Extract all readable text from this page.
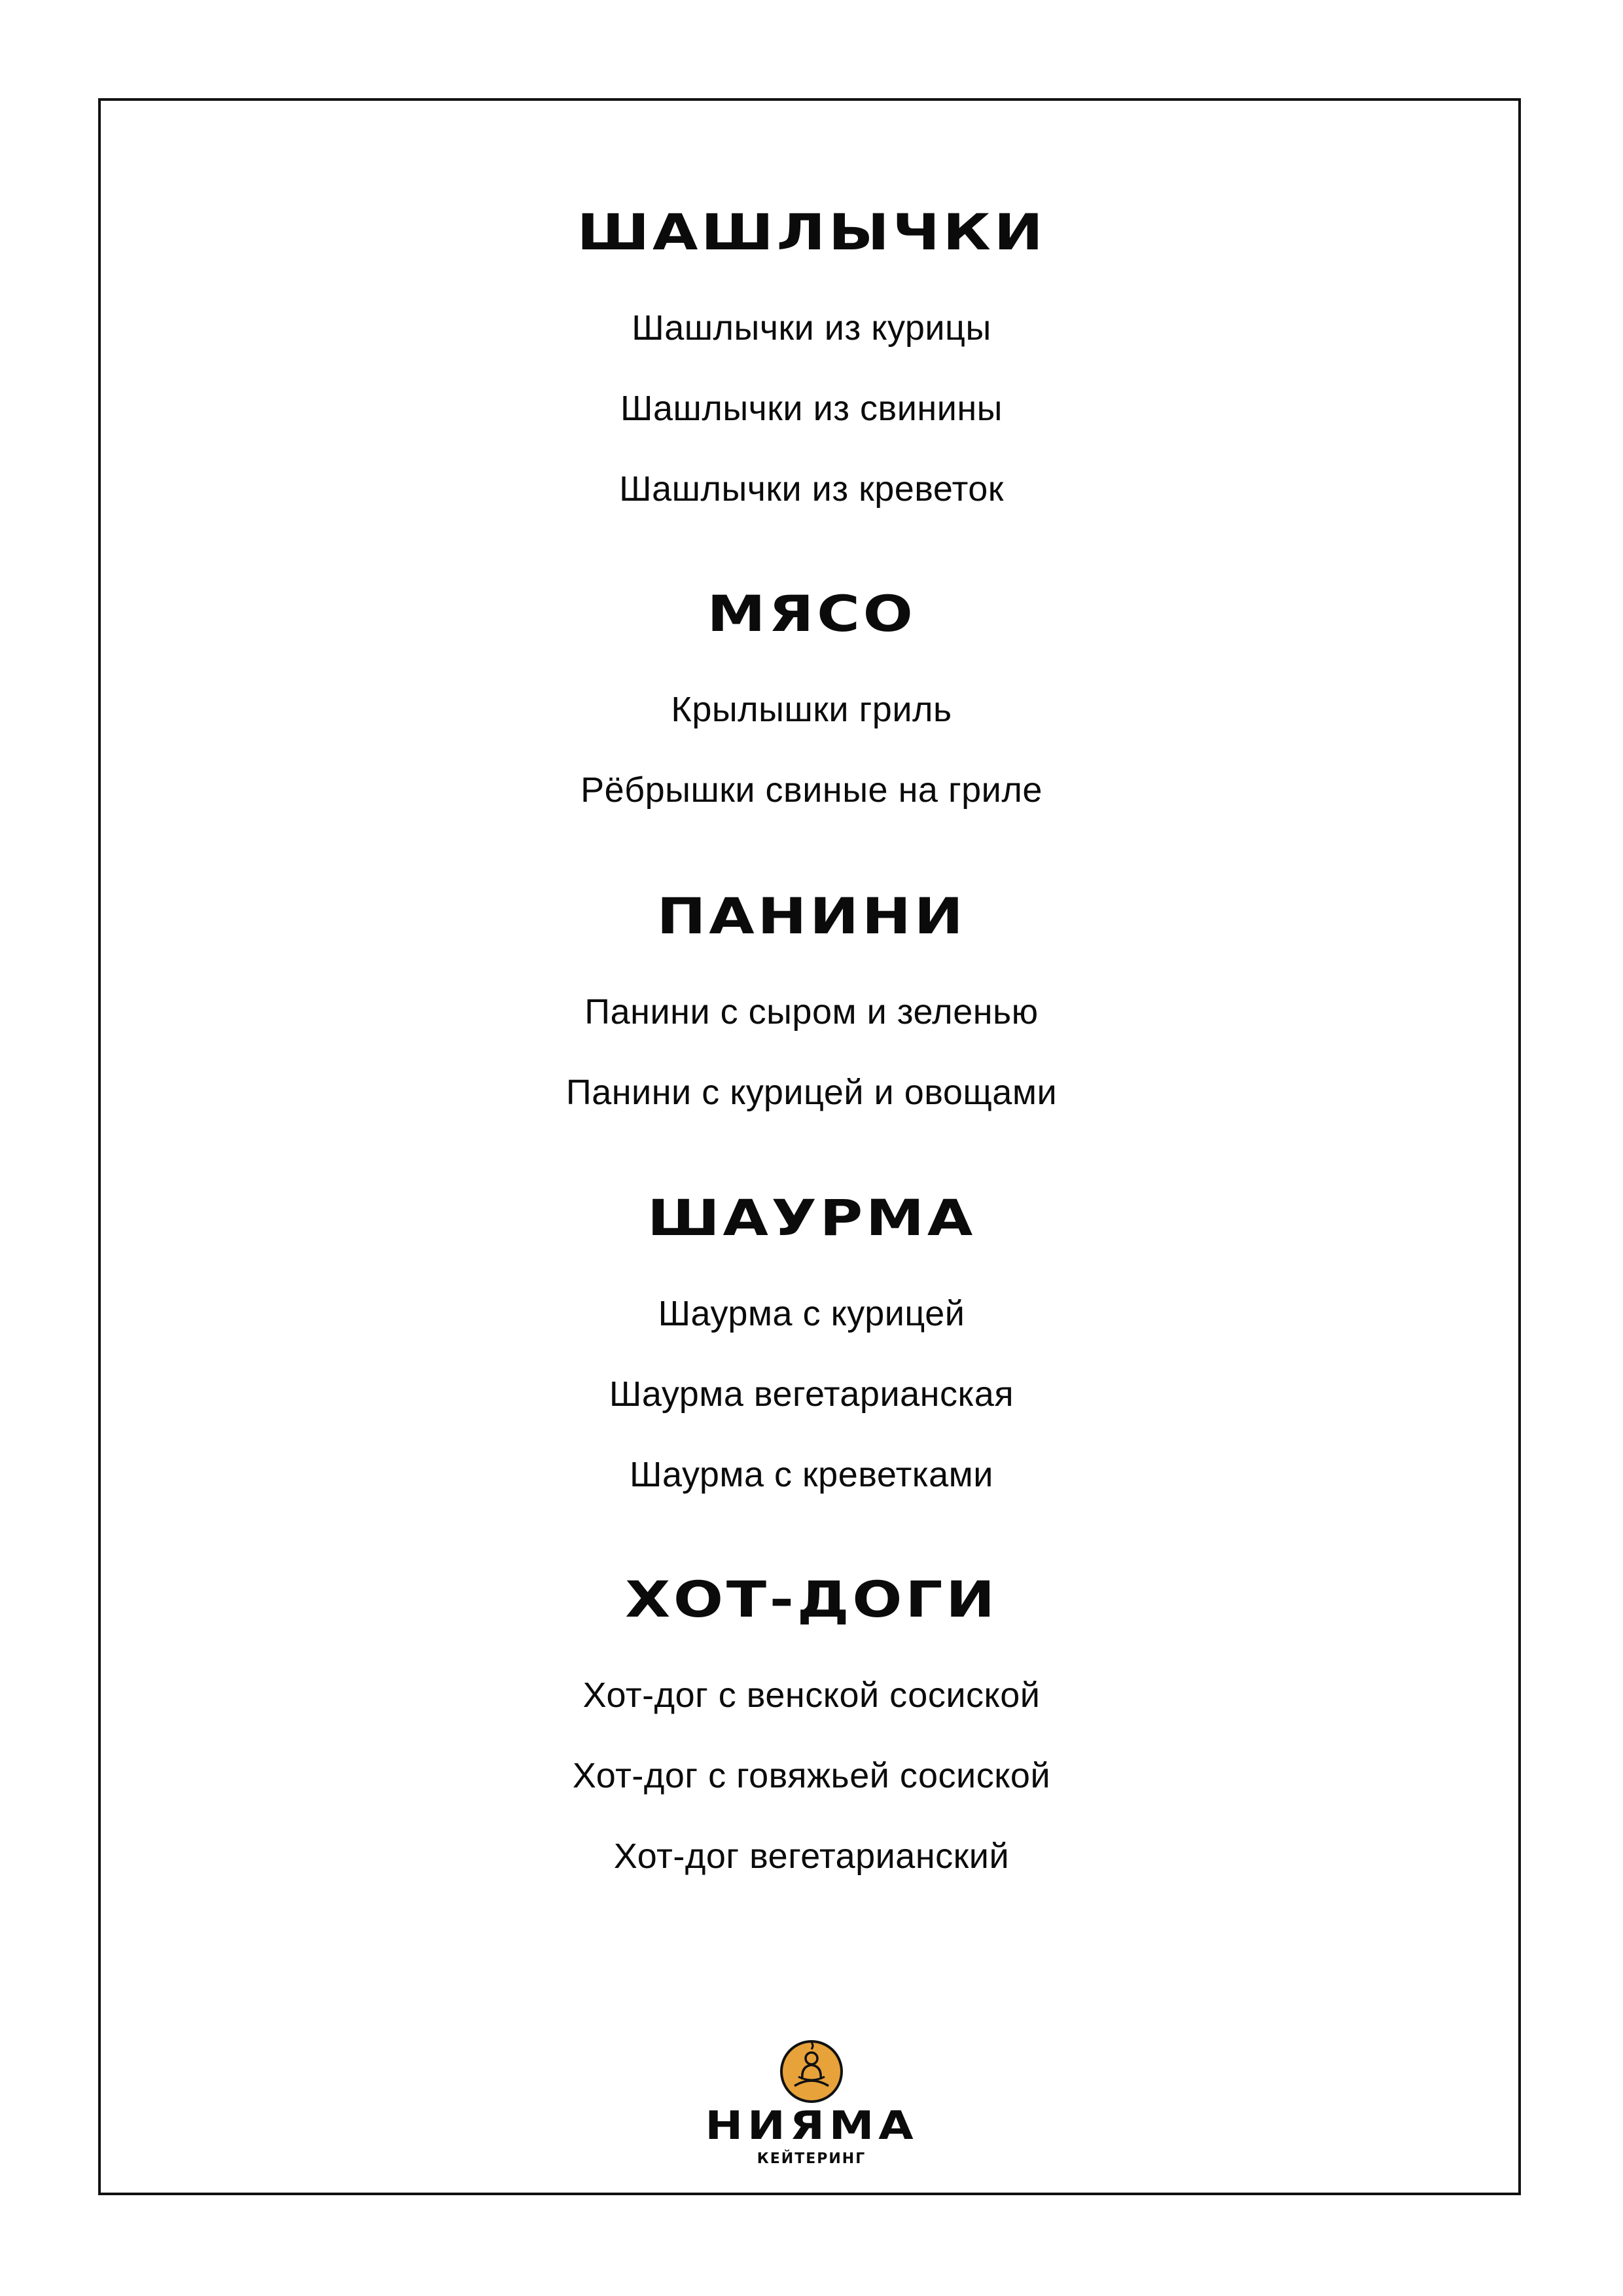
ШАШЛЫЧКИ
Шашлычки из курицы
Шашлычки из свинины
Шашлычки из креветок
МЯСО
Крылышки гриль
Рёбрышки свиные на гриле
ПАНИНИ
Панини с сыром и зеленью
Панини с курицей и овощами
ШАУРМА
Шаурма с курицей
Шаурма вегетарианская
Шаурма с креветками
ХОТ-ДОГИ
Хот-дог с венской сосиской
Хот-дог с говяжьей сосиской
Хот-дог вегетарианский
НИЯМА
КЕЙТЕРИНГ
